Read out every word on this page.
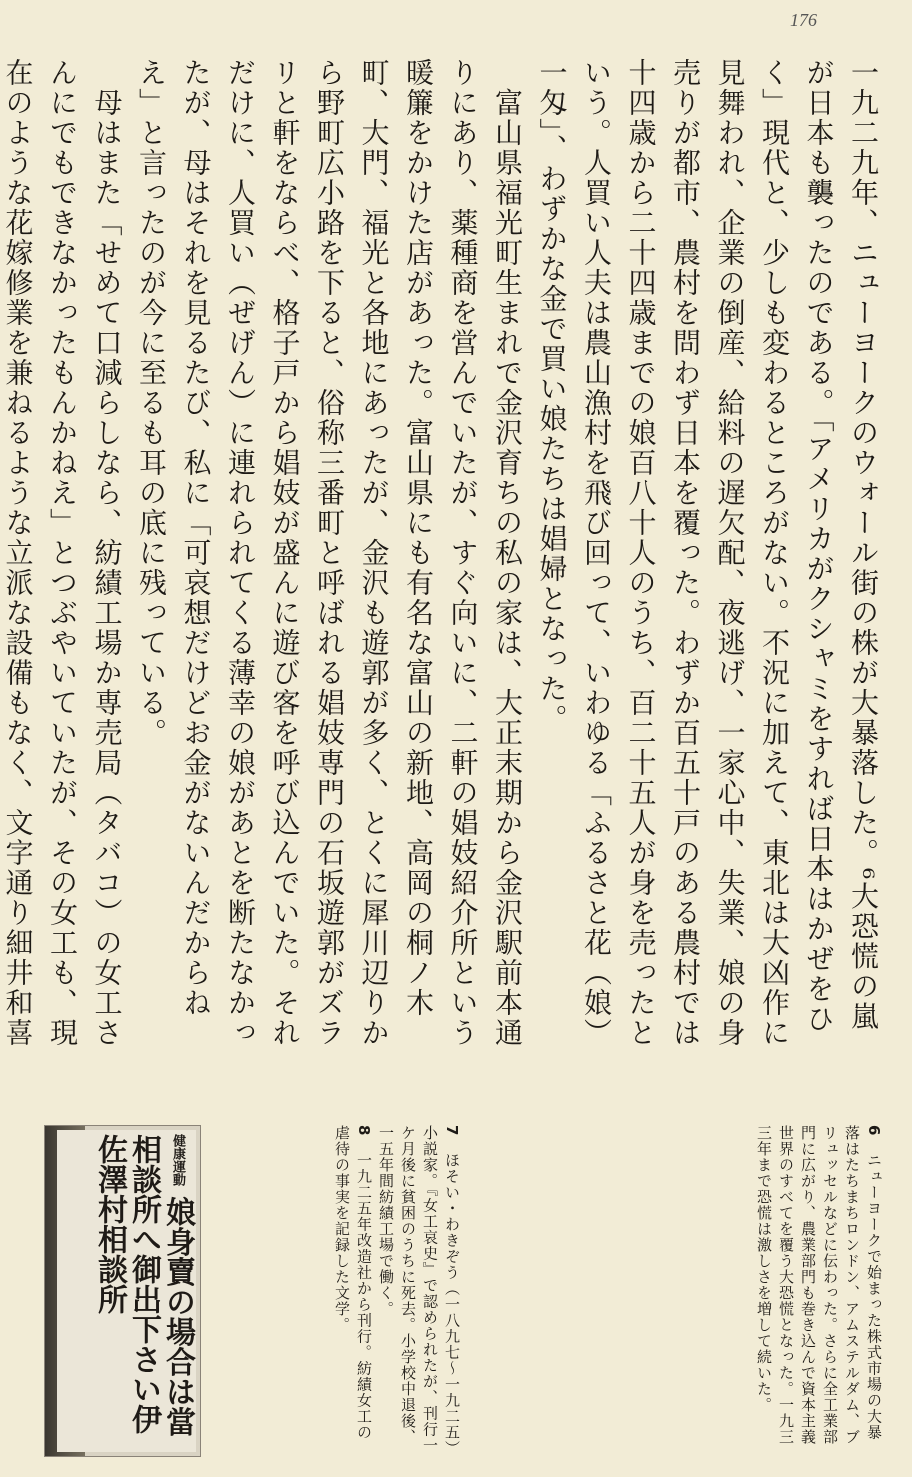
176

一九二九年、ニューヨークのウォール街の株が大暴落した。⁶大恐慌の嵐が日本も襲ったのである。「アメリカがクシャミをすれば日本はかぜをひく」現代と、少しも変わるところがない。不況に加えて、東北は大凶作に見舞われ、企業の倒産、給料の遅欠配、夜逃げ、一家心中、失業、娘の身売りが都市、農村を問わず日本を覆った。わずか百五十戸のある農村では十四歳から二十四歳までの娘百八十人のうち、百二十五人が身を売ったという。人買い人夫は農山漁村を飛び回って、いわゆる「ふるさと花（娘）一匁」、わずかな金で買い娘たちは娼婦となった。

　富山県福光町生まれで金沢育ちの私の家は、大正末期から金沢駅前本通りにあり、薬種商を営んでいたが、すぐ向いに、二軒の娼妓紹介所という暖簾をかけた店があった。富山県にも有名な富山の新地、高岡の桐ノ木町、大門、福光と各地にあったが、金沢も遊郭が多く、とくに犀川辺りから野町広小路を下ると、俗称三番町と呼ばれる娼妓専門の石坂遊郭がズラリと軒をならべ、格子戸から娼妓が盛んに遊び客を呼び込んでいた。それだけに、人買い（ぜげん）に連れられてくる薄幸の娘があとを断たなかったが、母はそれを見るたび、私に「可哀想だけどお金がないんだからねえ」と言ったのが今に至るも耳の底に残っている。

　母はまた「せめて口減らしなら、紡績工場か専売局（タバコ）の女工さんにでもできなかったもんかねえ」とつぶやいていたが、その女工も、現在のような花嫁修業を兼ねるような立派な設備もなく、文字通り細井和喜

6　ニューヨークで始まった株式市場の大暴落はたちまちロンドン、アムステルダム、ブリュッセルなどに伝わった。さらに全工業部門に広がり、農業部門も巻き込んで資本主義世界のすべてを覆う大恐慌となった。一九三三年まで恐慌は激しさを増して続いた。

7　ほそい・わきぞう（一八九七〜一九二五）小説家。『女工哀史』で認められたが、刊行一ケ月後に貧困のうちに死去。小学校中退後、一五年間紡績工場で働く。

8　一九二五年改造社から刊行。紡績女工の虐待の事実を記録した文学。

健康運動 娘身賣の場合は當相談所へ御出下さい伊佐澤村相談所
